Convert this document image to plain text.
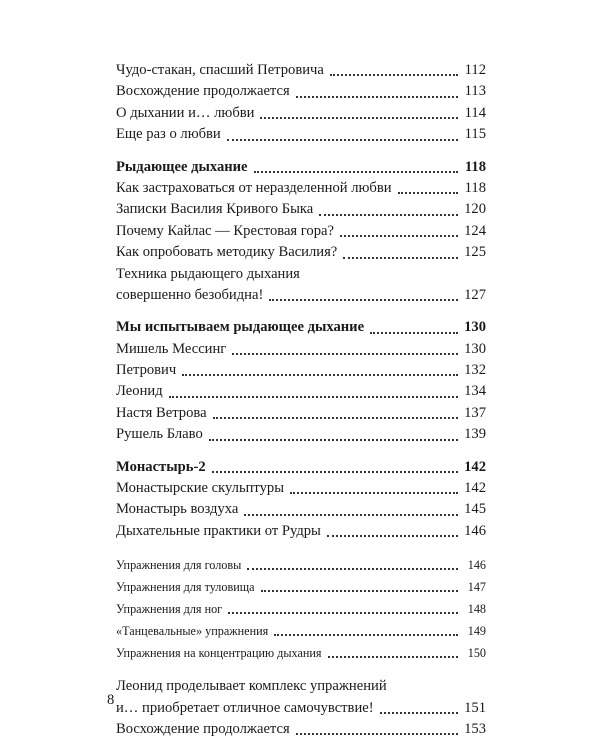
Чудо-стакан, спасший Петровича	112
Восхождение продолжается	113
О дыхании и… любви	114
Еще раз о любви	115
Рыдающее дыхание	118
Как застраховаться от неразделенной любви	118
Записки Василия Кривого Быка	120
Почему Кайлас — Крестовая гора?	124
Как опробовать методику Василия?	125
Техника рыдающего дыхания
совершенно безобидна!	127
Мы испытываем рыдающее дыхание	130
Мишель Мессинг	130
Петрович	132
Леонид	134
Настя Ветрова	137
Рушель Блаво	139
Монастырь-2	142
Монастырские скульптуры	142
Монастырь воздуха	145
Дыхательные практики от Рудры	146
Упражнения для головы	146
Упражнения для туловища	147
Упражнения для ног	148
«Танцевальные» упражнения	149
Упражнения на концентрацию дыхания	150
Леонид проделывает комплекс упражнений
и… приобретает отличное самочувствие!	151
Восхождение продолжается	153
8
